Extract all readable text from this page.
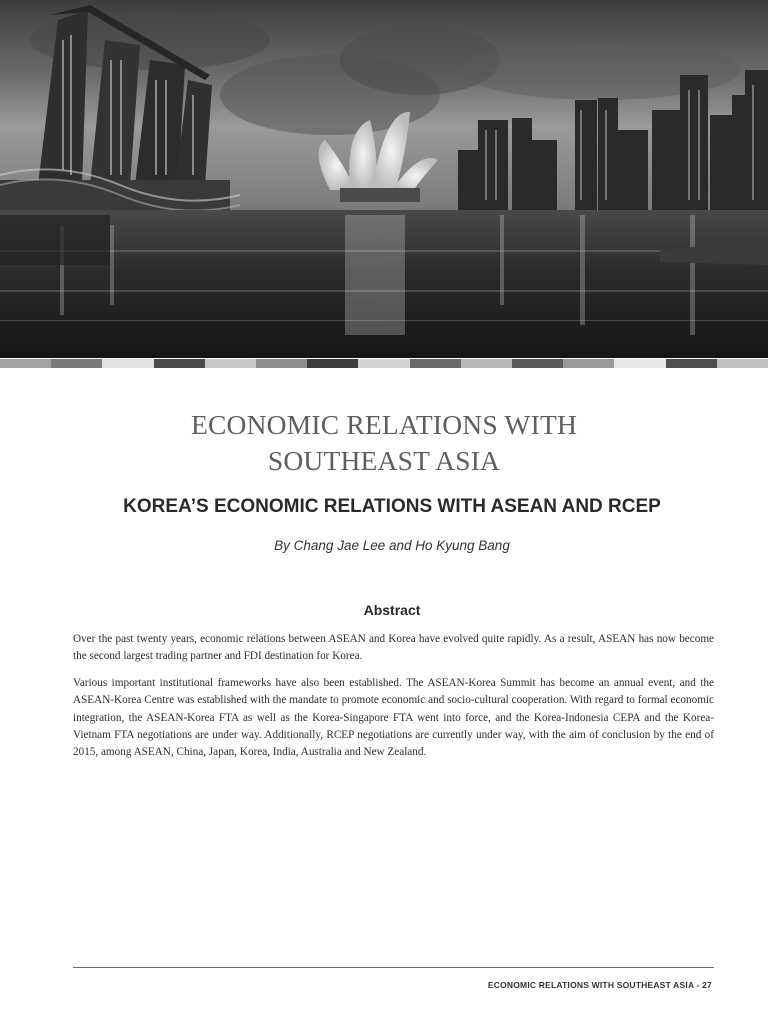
ECONOMIC RELATIONS WITH
SOUTHEAST ASIA
KOREA’S ECONOMIC RELATIONS WITH ASEAN AND RCEP
By Chang Jae Lee and Ho Kyung Bang
Abstract

Over the past twenty years, economic relations between ASEAN and Korea have evolved quite rapidly. As a result, ASEAN has now become the second largest trading partner and FDI destination for Korea.

Various important institutional frameworks have also been established. The ASEAN-Korea Summit has become an annual event, and the ASEAN-Korea Centre was established with the mandate to promote economic and socio-cultural cooperation. With regard to formal economic integration, the ASEAN-Korea FTA as well as the Korea-Singapore FTA went into force, and the Korea-Indonesia CEPA and the Korea-Vietnam FTA negotiations are under way. Additionally, RCEP negotiations are currently under way, with the aim of conclusion by the end of 2015, among ASEAN, China, Japan, Korea, India, Australia and New Zealand.

ECONOMIC RELATIONS WITH SOUTHEAST ASIA - 27
